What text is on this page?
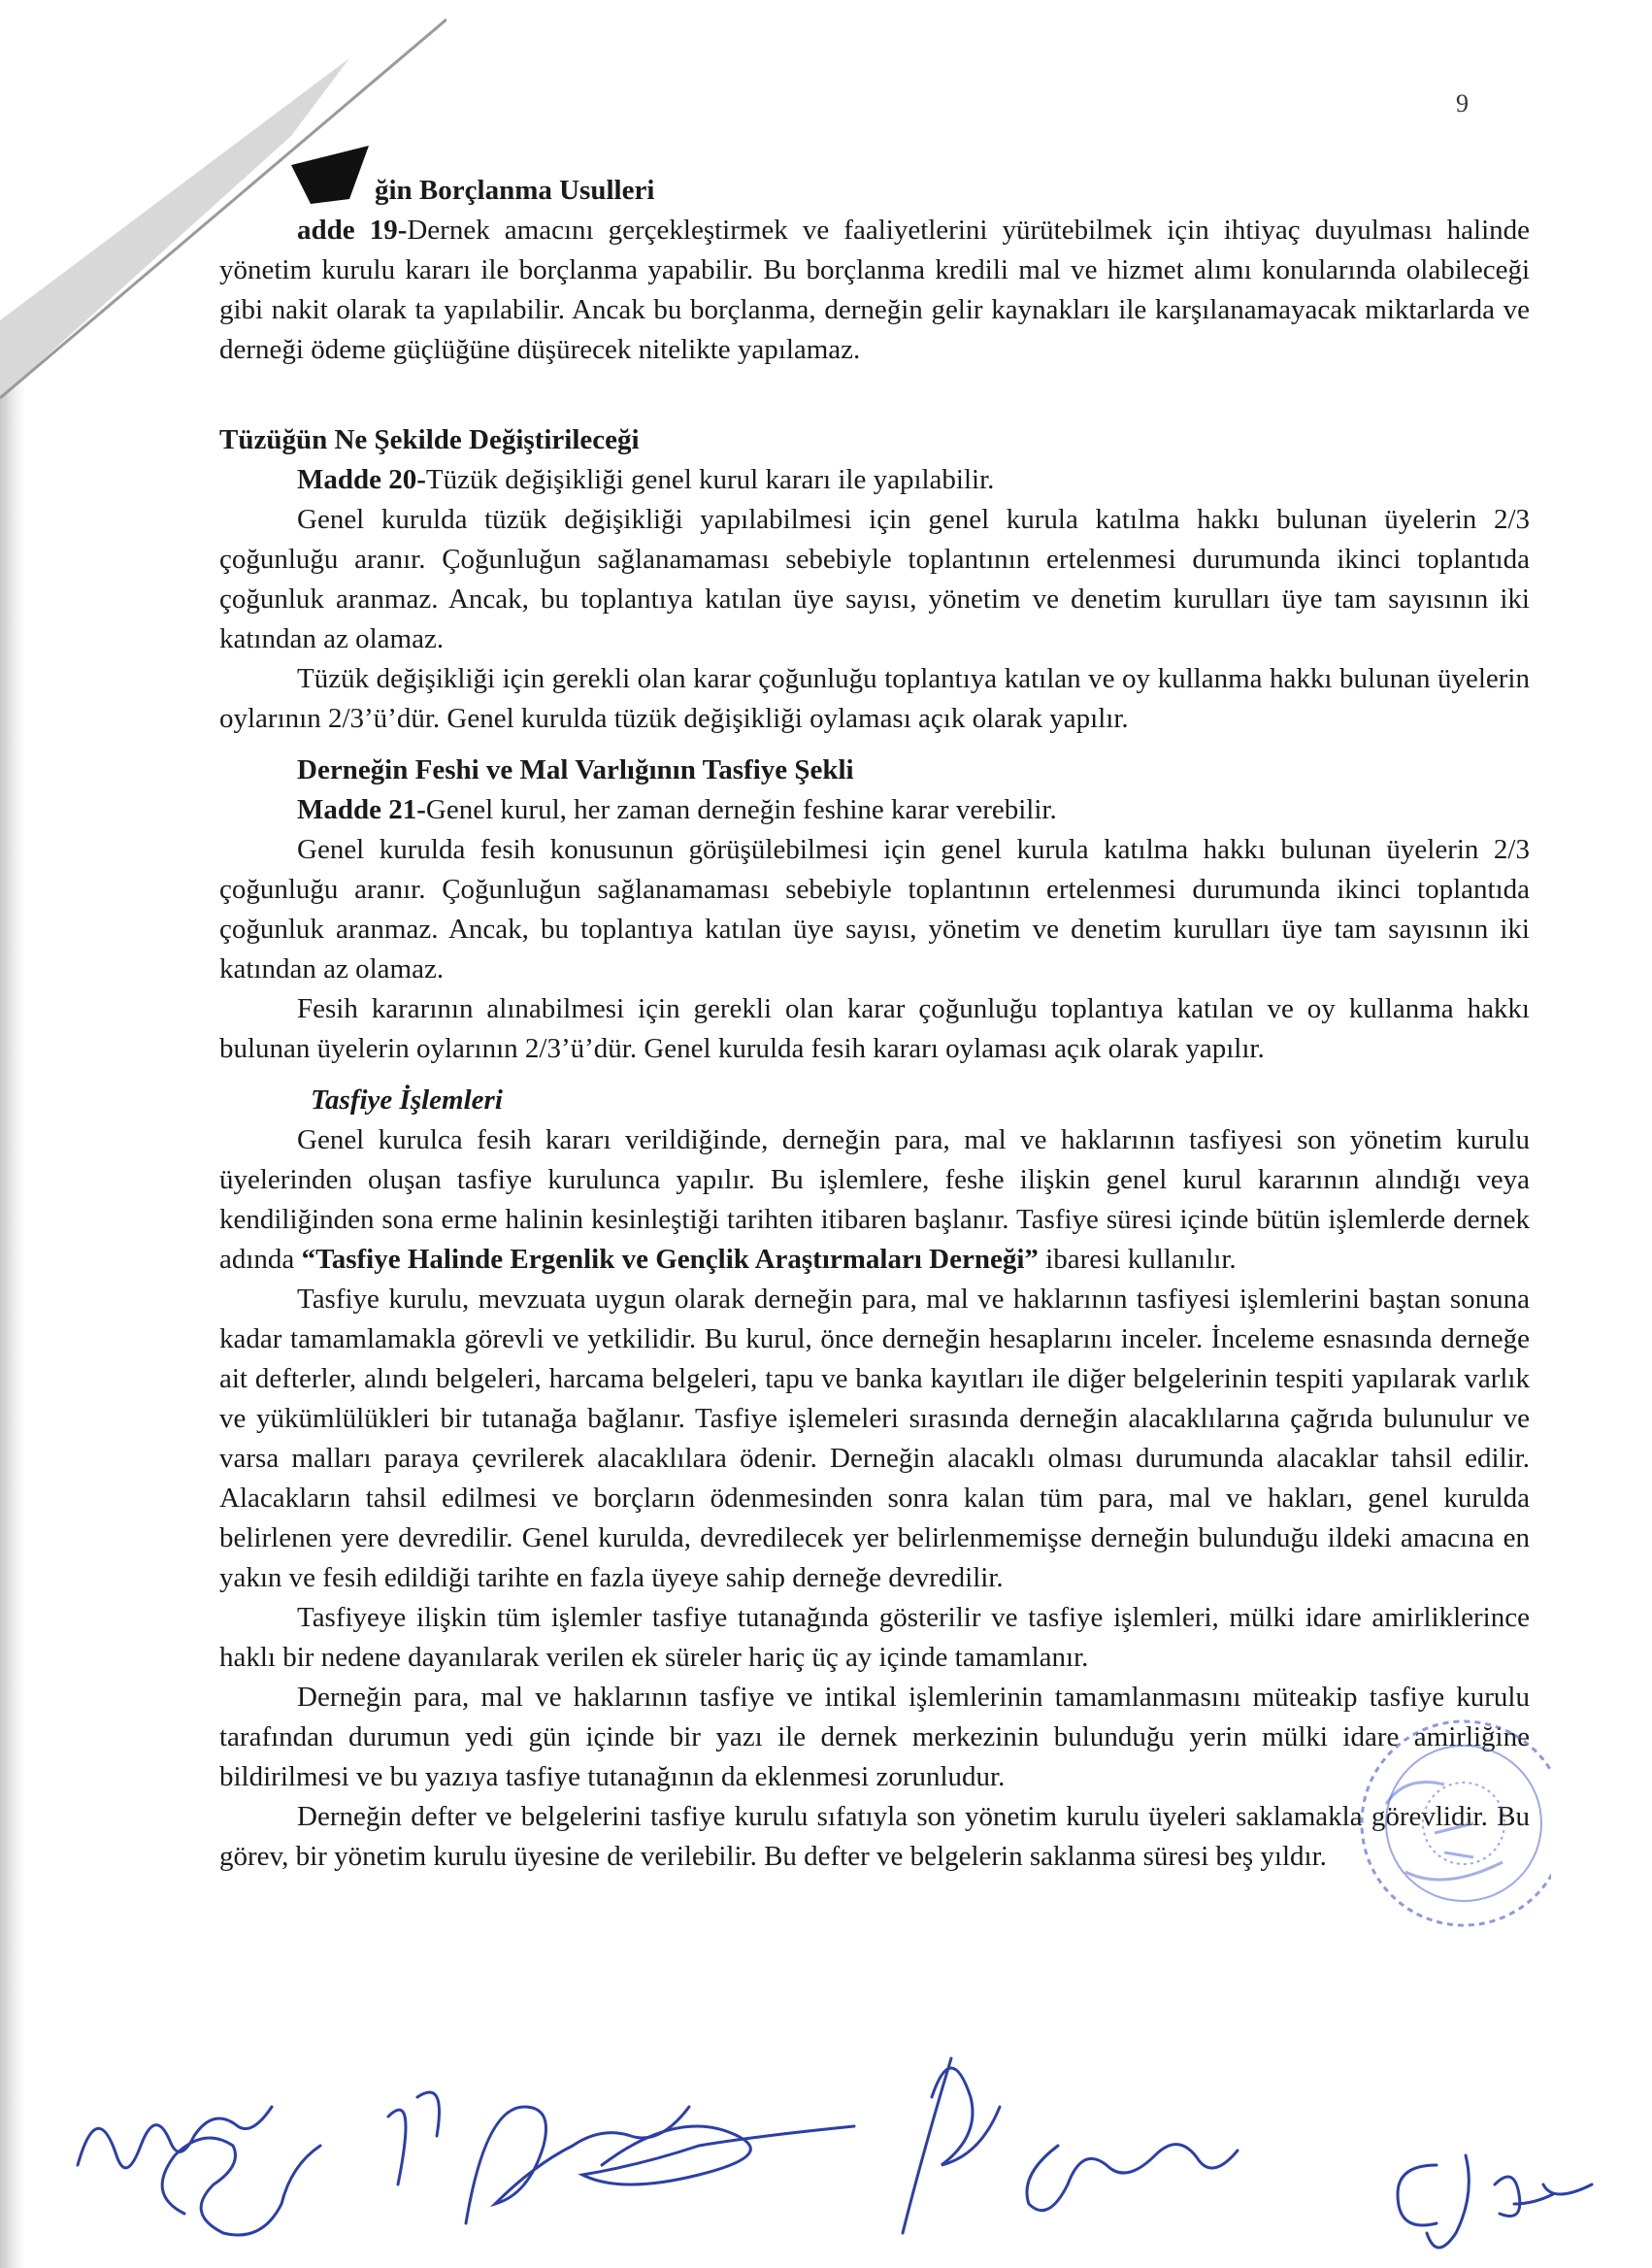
9

ğin Borçlanma Usulleri

adde 19-Dernek amacını gerçekleştirmek ve faaliyetlerini yürütebilmek için ihtiyaç duyulması halinde yönetim kurulu kararı ile borçlanma yapabilir. Bu borçlanma kredili mal ve hizmet alımı konularında olabileceği gibi nakit olarak ta yapılabilir. Ancak bu borçlanma, derneğin gelir kaynakları ile karşılanamayacak miktarlarda ve derneği ödeme güçlüğüne düşürecek nitelikte yapılamaz.

Tüzüğün Ne Şekilde Değiştirileceği

Madde 20-Tüzük değişikliği genel kurul kararı ile yapılabilir.

Genel kurulda tüzük değişikliği yapılabilmesi için genel kurula katılma hakkı bulunan üyelerin 2/3 çoğunluğu aranır. Çoğunluğun sağlanamaması sebebiyle toplantının ertelenmesi durumunda ikinci toplantıda çoğunluk aranmaz. Ancak, bu toplantıya katılan üye sayısı, yönetim ve denetim kurulları üye tam sayısının iki katından az olamaz.

Tüzük değişikliği için gerekli olan karar çoğunluğu toplantıya katılan ve oy kullanma hakkı bulunan üyelerin oylarının 2/3’ü’dür. Genel kurulda tüzük değişikliği oylaması açık olarak yapılır.

Derneğin Feshi ve Mal Varlığının Tasfiye Şekli

Madde 21-Genel kurul, her zaman derneğin feshine karar verebilir.

Genel kurulda fesih konusunun görüşülebilmesi için genel kurula katılma hakkı bulunan üyelerin 2/3 çoğunluğu aranır. Çoğunluğun sağlanamaması sebebiyle toplantının ertelenmesi durumunda ikinci toplantıda çoğunluk aranmaz. Ancak, bu toplantıya katılan üye sayısı, yönetim ve denetim kurulları üye tam sayısının iki katından az olamaz.

Fesih kararının alınabilmesi için gerekli olan karar çoğunluğu toplantıya katılan ve oy kullanma hakkı bulunan üyelerin oylarının 2/3’ü’dür. Genel kurulda fesih kararı oylaması açık olarak yapılır.

Tasfiye İşlemleri

Genel kurulca fesih kararı verildiğinde, derneğin para, mal ve haklarının tasfiyesi son yönetim kurulu üyelerinden oluşan tasfiye kurulunca yapılır. Bu işlemlere, feshe ilişkin genel kurul kararının alındığı veya kendiliğinden sona erme halinin kesinleştiği tarihten itibaren başlanır. Tasfiye süresi içinde bütün işlemlerde dernek adında “Tasfiye Halinde Ergenlik ve Gençlik Araştırmaları Derneği” ibaresi kullanılır.

Tasfiye kurulu, mevzuata uygun olarak derneğin para, mal ve haklarının tasfiyesi işlemlerini baştan sonuna kadar tamamlamakla görevli ve yetkilidir. Bu kurul, önce derneğin hesaplarını inceler. İnceleme esnasında derneğe ait defterler, alındı belgeleri, harcama belgeleri, tapu ve banka kayıtları ile diğer belgelerinin tespiti yapılarak varlık ve yükümlülükleri bir tutanağa bağlanır. Tasfiye işlemeleri sırasında derneğin alacaklılarına çağrıda bulunulur ve varsa malları paraya çevrilerek alacaklılara ödenir. Derneğin alacaklı olması durumunda alacaklar tahsil edilir. Alacakların tahsil edilmesi ve borçların ödenmesinden sonra kalan tüm para, mal ve hakları, genel kurulda belirlenen yere devredilir. Genel kurulda, devredilecek yer belirlenmemişse derneğin bulunduğu ildeki amacına en yakın ve fesih edildiği tarihte en fazla üyeye sahip derneğe devredilir.

Tasfiyeye ilişkin tüm işlemler tasfiye tutanağında gösterilir ve tasfiye işlemleri, mülki idare amirliklerince haklı bir nedene dayanılarak verilen ek süreler hariç üç ay içinde tamamlanır.

Derneğin para, mal ve haklarının tasfiye ve intikal işlemlerinin tamamlanmasını müteakip tasfiye kurulu tarafından durumun yedi gün içinde bir yazı ile dernek merkezinin bulunduğu yerin mülki idare amirliğine bildirilmesi ve bu yazıya tasfiye tutanağının da eklenmesi zorunludur.

Derneğin defter ve belgelerini tasfiye kurulu sıfatıyla son yönetim kurulu üyeleri saklamakla görevlidir. Bu görev, bir yönetim kurulu üyesine de verilebilir. Bu defter ve belgelerin saklanma süresi beş yıldır.
